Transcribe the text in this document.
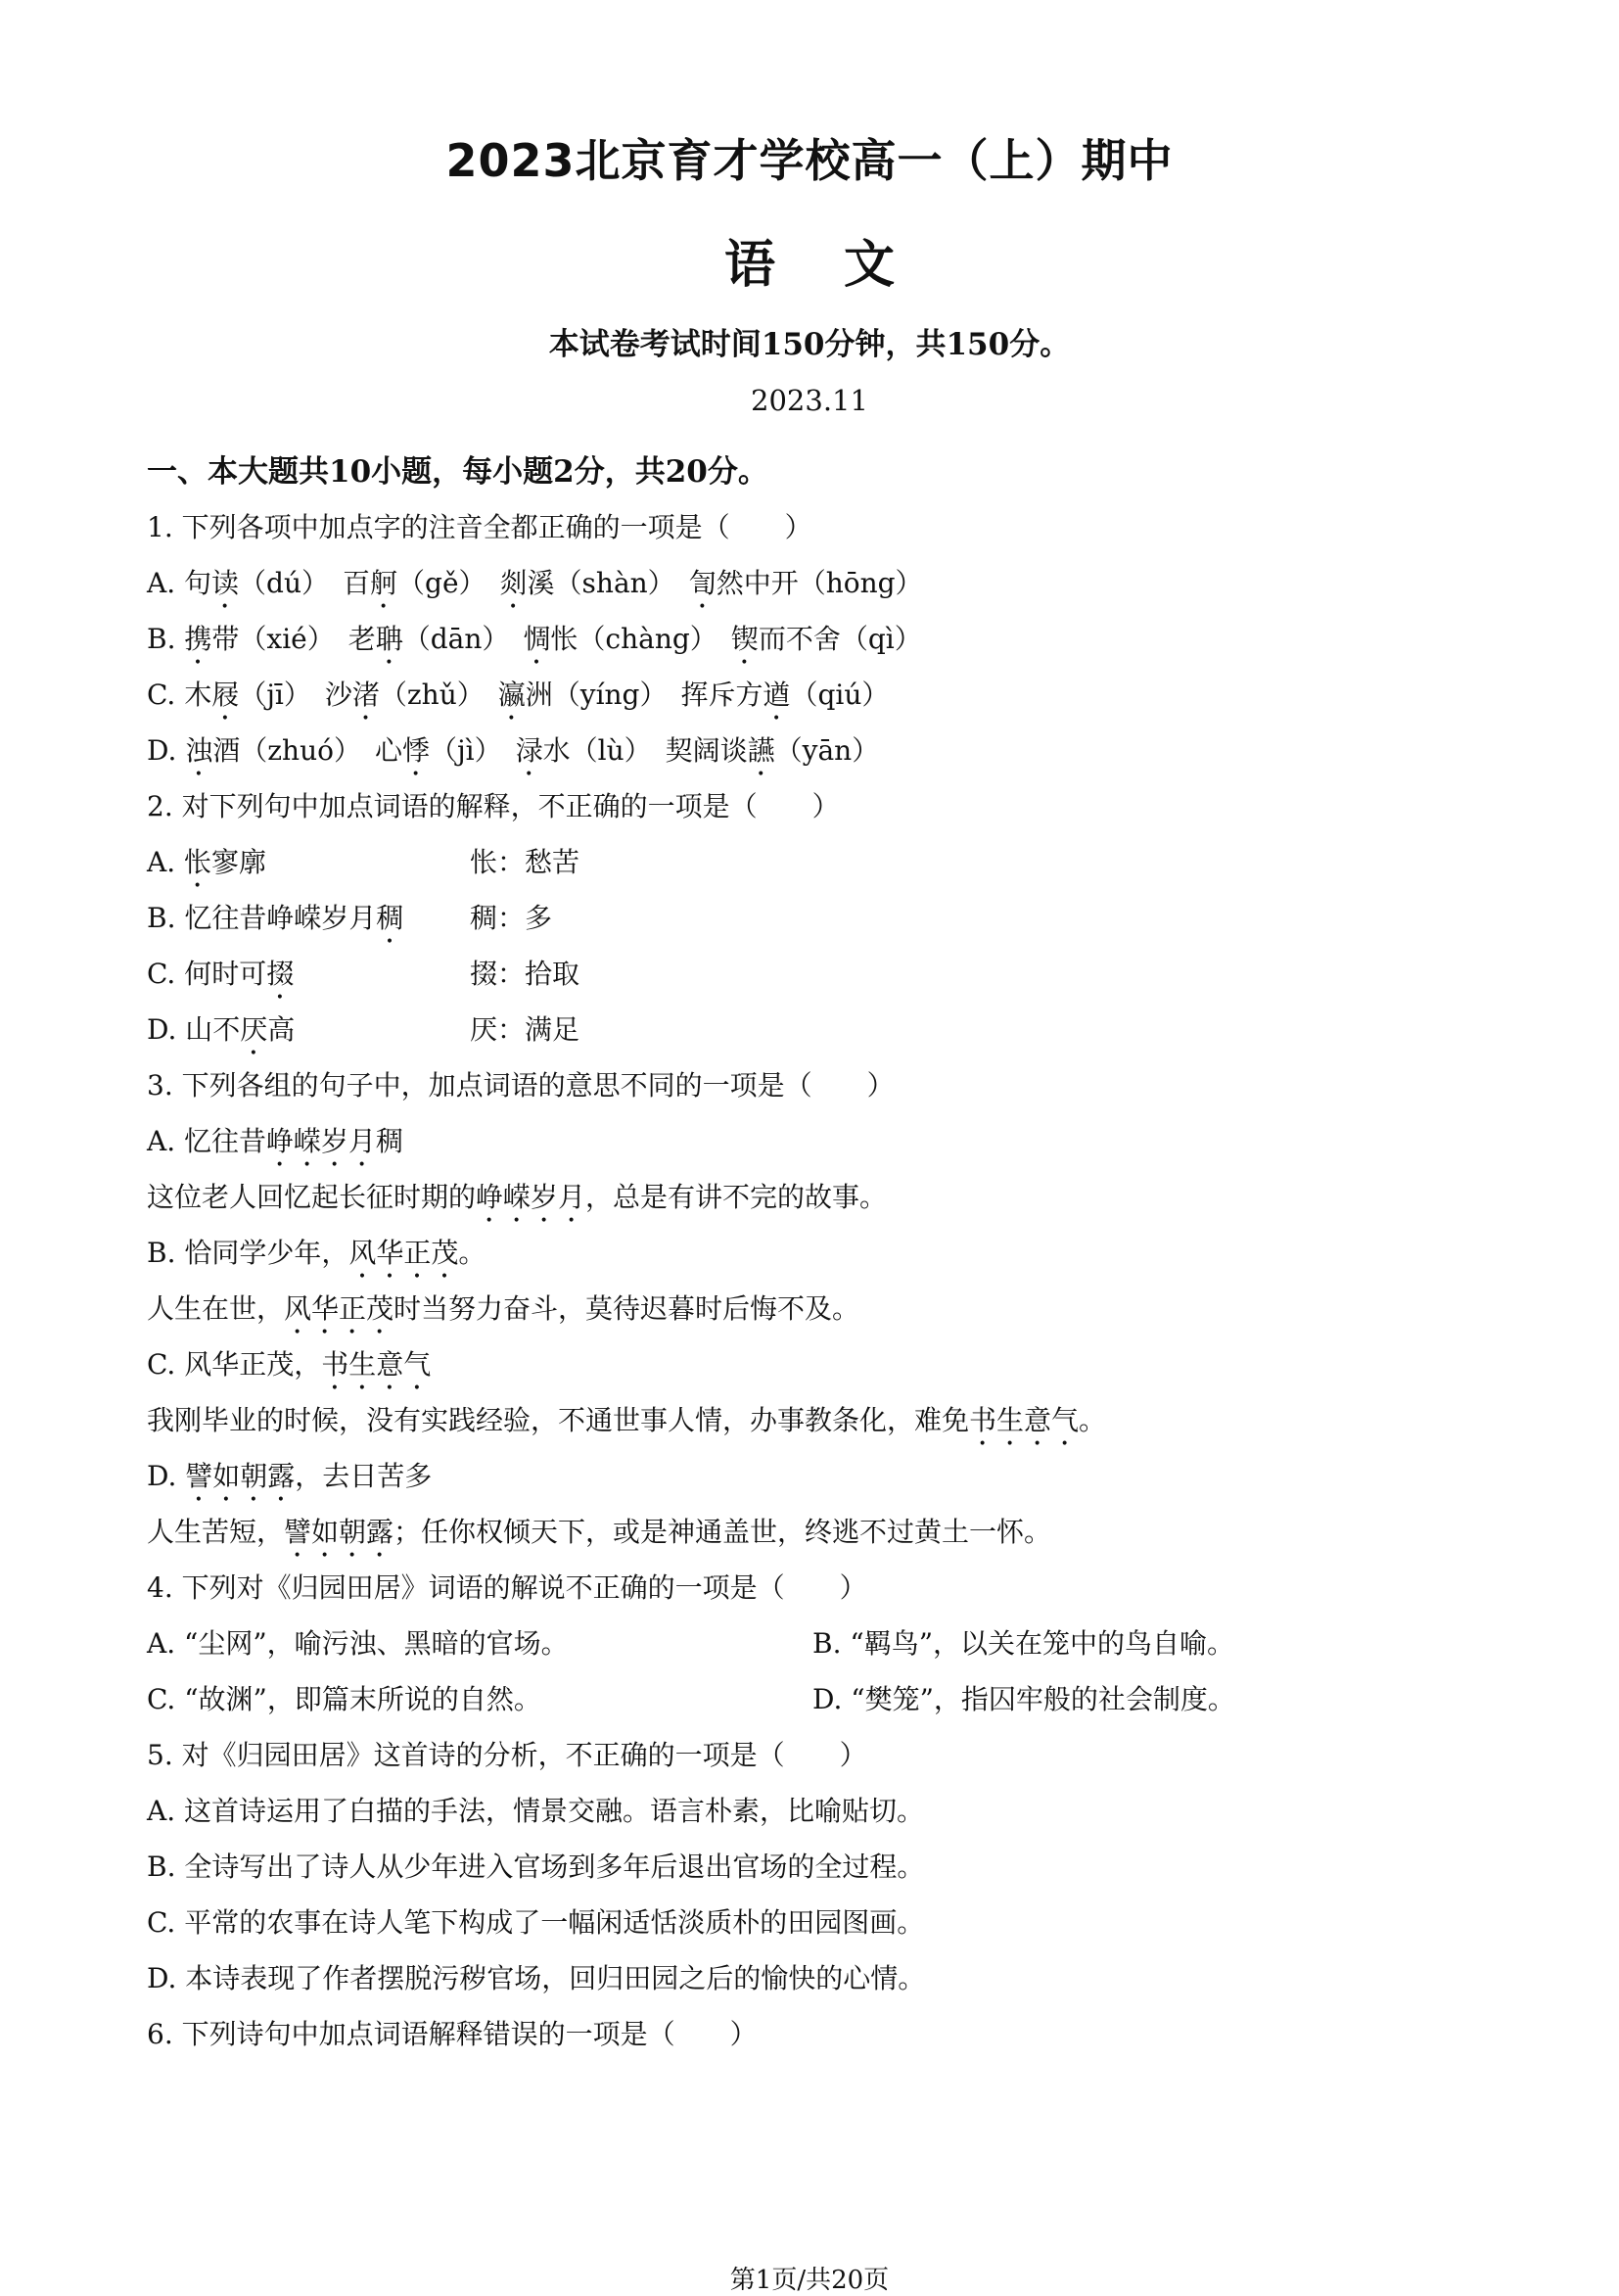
2023北京育才学校高一（上）期中
语文
本试卷考试时间150分钟，共150分。
2023.11
一、本大题共10小题，每小题2分，共20分。
1. 下列各项中加点字的注音全都正确的一项是（　　）
A. 句读（dú）　百舸（gě）　剡溪（shàn）　訇然中开（hōng）
B. 携带（xié）　老聃（dān）　惆怅（chàng）　锲而不舍（qì）
C. 木屐（jī）　沙渚（zhǔ）　瀛洲（yíng）　挥斥方遒（qiú）
D. 浊酒（zhuó）　心悸（jì）　渌水（lù）　契阔谈讌（yān）
2. 对下列句中加点词语的解释，不正确的一项是（　　）
A. 怅寥廓	怅：愁苦
B. 忆往昔峥嵘岁月稠 稠：多
C. 何时可掇	掇：拾取
D. 山不厌高	厌：满足
3. 下列各组的句子中，加点词语的意思不同的一项是（　　）
A. 忆往昔峥嵘岁月稠
这位老人回忆起长征时期的峥嵘岁月，总是有讲不完的故事。
B. 恰同学少年，风华正茂。
人生在世，风华正茂时当努力奋斗，莫待迟暮时后悔不及。
C. 风华正茂，书生意气
我刚毕业的时候，没有实践经验，不通世事人情，办事教条化，难免书生意气。
D. 譬如朝露，去日苦多
人生苦短，譬如朝露；任你权倾天下，或是神通盖世，终逃不过黄土一怀。
4. 下列对《归园田居》词语的解说不正确的一项是（　　）
A. “尘网”，喻污浊、黑暗的官场。	B. “羁鸟”，以关在笼中的鸟自喻。
C. “故渊”，即篇末所说的自然。	D. “樊笼”，指囚牢般的社会制度。
5. 对《归园田居》这首诗的分析，不正确的一项是（　　）
A. 这首诗运用了白描的手法，情景交融。语言朴素，比喻贴切。
B. 全诗写出了诗人从少年进入官场到多年后退出官场的全过程。
C. 平常的农事在诗人笔下构成了一幅闲适恬淡质朴的田园图画。
D. 本诗表现了作者摆脱污秽官场，回归田园之后的愉快的心情。
6. 下列诗句中加点词语解释错误的一项是（　　）
第1页/共20页
